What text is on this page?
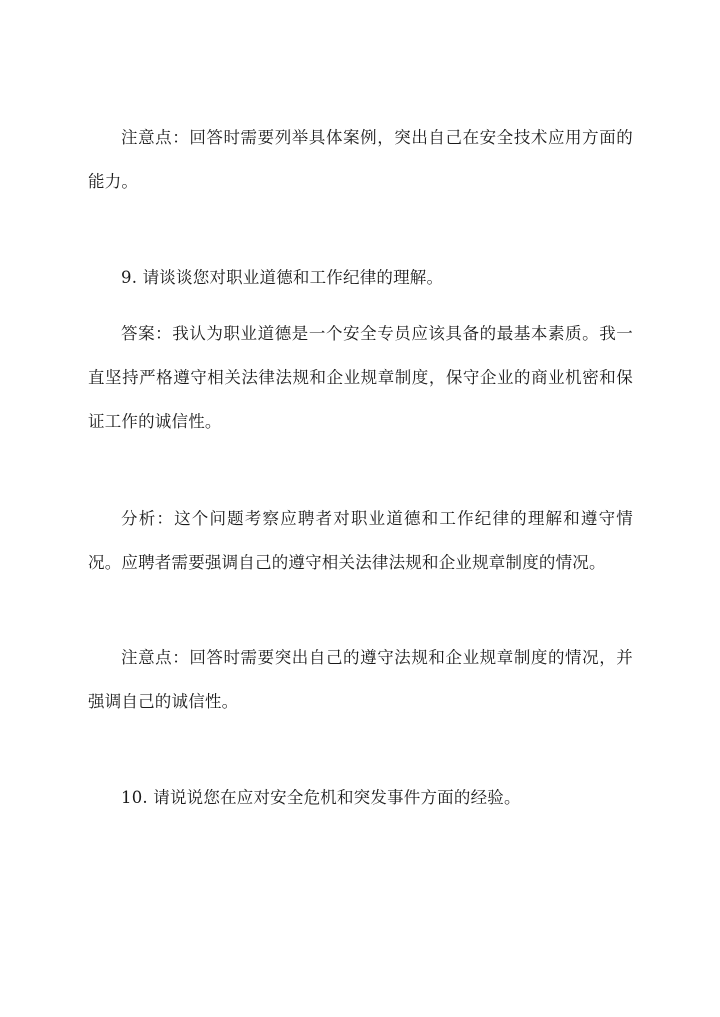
注意点：回答时需要列举具体案例，突出自己在安全技术应用方面的能力。

9. 请谈谈您对职业道德和工作纪律的理解。

答案：我认为职业道德是一个安全专员应该具备的最基本素质。我一直坚持严格遵守相关法律法规和企业规章制度，保守企业的商业机密和保证工作的诚信性。

分析：这个问题考察应聘者对职业道德和工作纪律的理解和遵守情况。应聘者需要强调自己的遵守相关法律法规和企业规章制度的情况。

注意点：回答时需要突出自己的遵守法规和企业规章制度的情况，并强调自己的诚信性。

10. 请说说您在应对安全危机和突发事件方面的经验。
